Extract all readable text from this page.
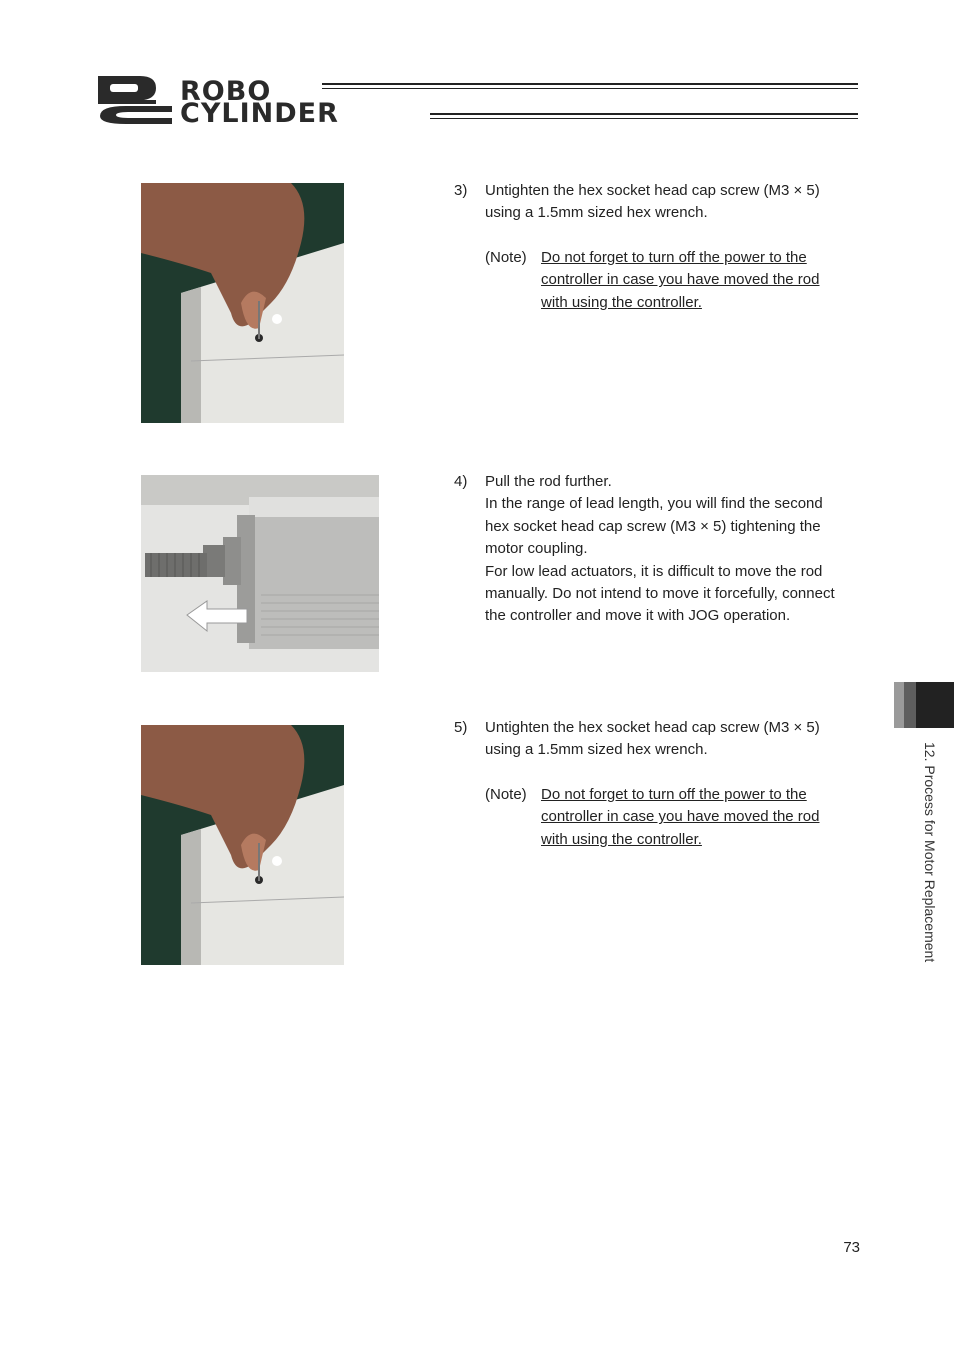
ROBO
CYLINDER
3) Untighten the hex socket head cap screw (M3 × 5)

using a 1.5mm sized hex wrench.

(Note) Do not forget to turn off the power to the

controller in case you have moved the rod

with using the controller.

4) Pull the rod further.

In the range of lead length, you will find the second

hex socket head cap screw (M3 × 5) tightening the

motor coupling.

For low lead actuators, it is difficult to move the rod

manually. Do not intend to move it forcefully, connect

the controller and move it with JOG operation.

5) Untighten the hex socket head cap screw (M3 × 5)

using a 1.5mm sized hex wrench.

(Note) Do not forget to turn off the power to the

controller in case you have moved the rod

with using the controller.	12. Process for Motor Replacement
73
